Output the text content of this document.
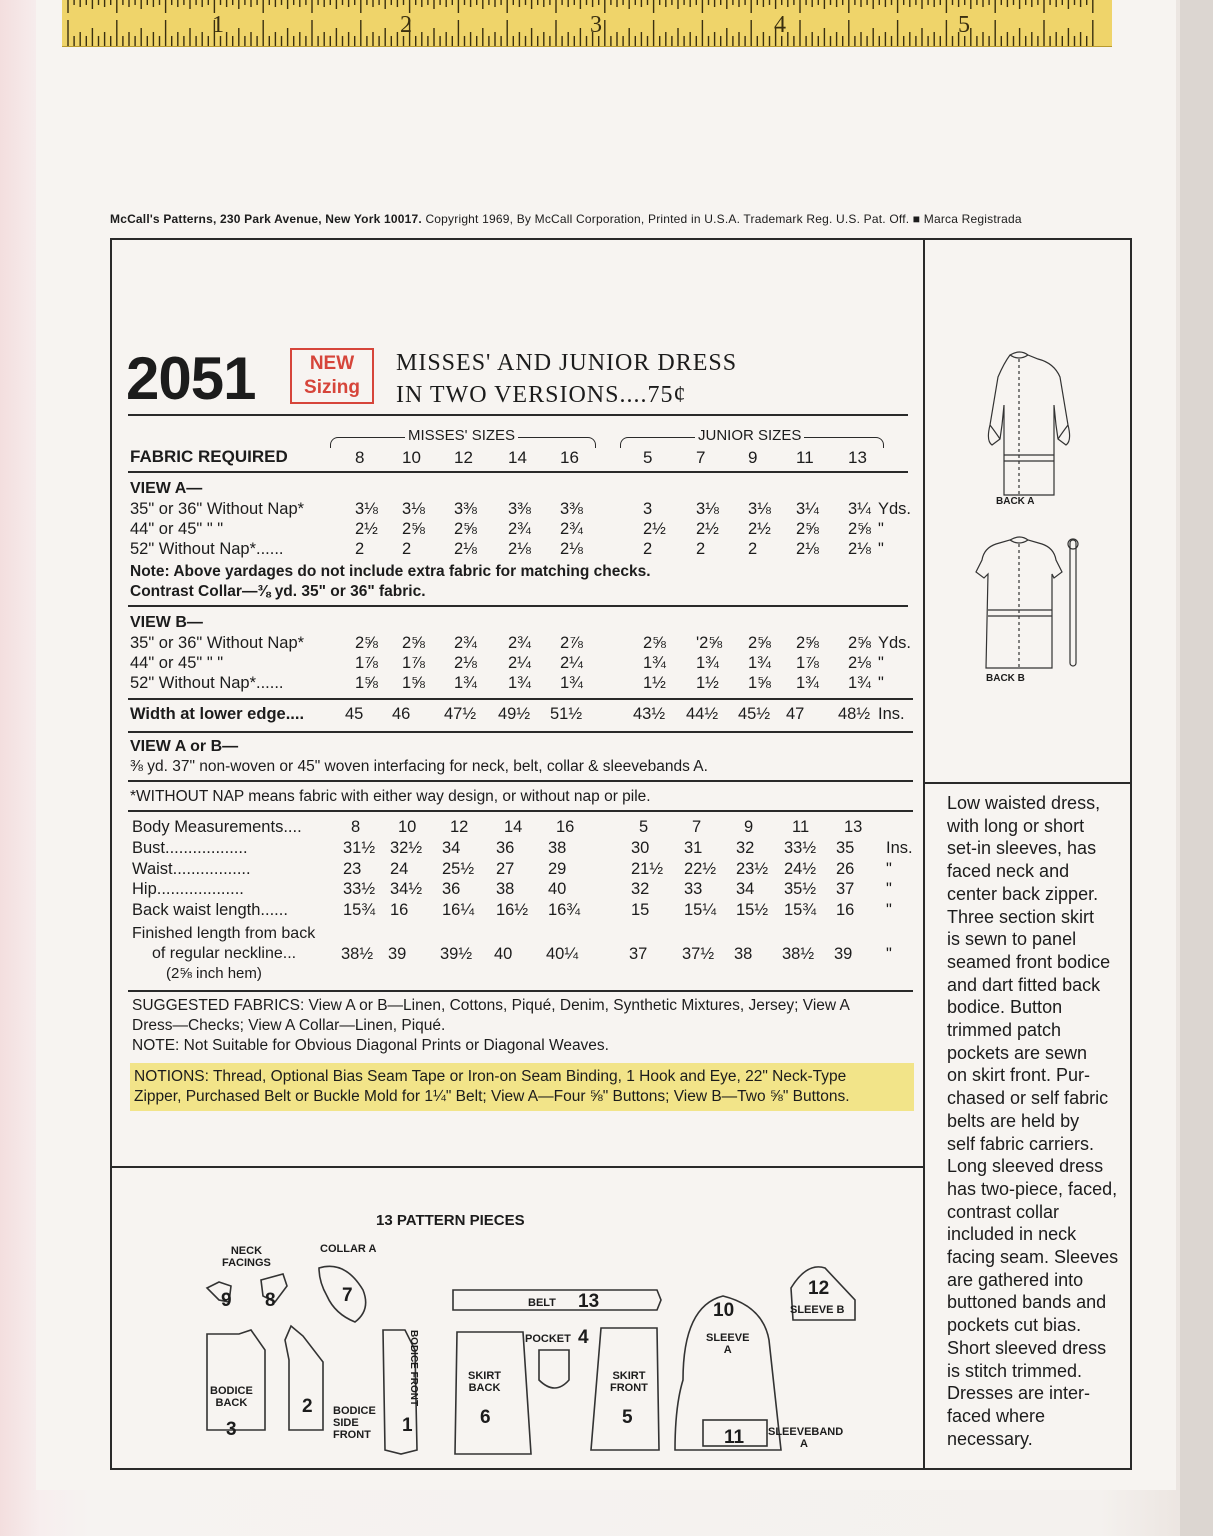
1	2	3	4	5
McCall's Patterns, 230 Park Avenue, New York 10017. Copyright 1969, By McCall Corporation, Printed in U.S.A. Trademark Reg. U.S. Pat. Off. ■ Marca Registrada
2051	NEW
Sizing
MISSES' AND JUNIOR DRESS
IN TWO VERSIONS....75¢
MISSES' SIZES	JUNIOR SIZES
FABRIC REQUIRED	8 10 12 14 16	5	7	9 11 13
VIEW A—
35" or 36" Without Nap*	3⅛ 3⅛ 3⅜ 3⅜ 3⅜	3	3⅛ 3⅛ 3¼ 3¼ Yds.
44" or 45" " "	2½ 2⅝ 2⅝ 2¾ 2¾	2½ 2½ 2½ 2⅝ 2⅝ "
52" Without Nap*......	2 2	2⅛ 2⅛ 2⅛	2	2	2 2⅛ 2⅛ "
Note: Above yardages do not include extra fabric for matching checks.
Contrast Collar—⅜ yd. 35" or 36" fabric.
VIEW B—
35" or 36" Without Nap*	2⅝ 2⅝ 2¾ 2¾ 2⅞	2⅝ '2⅝ 2⅝ 2⅝ 2⅝ Yds.
44" or 45" " "	1⅞ 1⅞ 2⅛ 2¼ 2¼	1¾ 1¾ 1¾ 1⅞ 2⅛ "
52" Without Nap*......	1⅝ 1⅝ 1¾ 1¾ 1¾	1½ 1½ 1⅝ 1¾ 1¾ "
Width at lower edge.... 45 46 47½ 49½ 51½	43½ 44½ 45½ 47 48½ Ins.
VIEW A or B—
⅜ yd. 37" non-woven or 45" woven interfacing for neck, belt, collar & sleevebands A.
*WITHOUT NAP means fabric with either way design, or without nap or pile.
Body Measurements....	8 10 12 14 16	5	7	9 11 13
Bust..................	31½ 32½ 34 36 38	30 31 32 33½ 35 Ins.
Waist.................	23 24 25½ 27 29	21½ 22½ 23½ 24½ 26 "
Hip...................	33½ 34½ 36 38 40	32 33 34 35½ 37 "
Back waist length......	15¾ 16 16¼ 16½ 16¾	15 15¼ 15½ 15¾ 16 "
Finished length from back
of regular neckline...
(2⅝ inch hem)
38½ 39 39½ 40 40¼	37 37½ 38 38½ 39 "
SUGGESTED FABRICS: View A or B—Linen, Cottons, Piqué, Denim, Synthetic Mixtures, Jersey; View A
Dress—Checks; View A Collar—Linen, Piqué.
NOTE: Not Suitable for Obvious Diagonal Prints or Diagonal Weaves.
NOTIONS: Thread, Optional Bias Seam Tape or Iron-on Seam Binding, 1 Hook and Eye, 22" Neck-Type
Zipper, Purchased Belt or Buckle Mold for 1¼" Belt; View A—Four ⅝" Buttons; View B—Two ⅝" Buttons.
BACK A
BACK B
Low waisted dress,
with long or short
set-in sleeves, has
faced neck and
center back zipper.
Three section skirt
is sewn to panel
seamed front bodice
and dart fitted back
bodice. Button
trimmed patch
pockets are sewn
on skirt front. Pur-
chased or self fabric
belts are held by
self fabric carriers.
Long sleeved dress
has two-piece, faced,
contrast collar
included in neck
facing seam. Sleeves
are gathered into
buttoned bands and
pockets cut bias.
Short sleeved dress
is stitch trimmed.
Dresses are inter-
faced where
necessary.
13 PATTERN PIECES
NECK
FACINGS
9 8
COLLAR A
7	BELT 13
POCKET 4
BODICE
BACK
3
2 BODICE
SIDE
FRONT
BODICE FRONT
1
SKIRT
BACK
6
SKIRT
FRONT
5
10
SLEEVE
A
12
SLEEVE B
11 SLEEVEBAND
A
